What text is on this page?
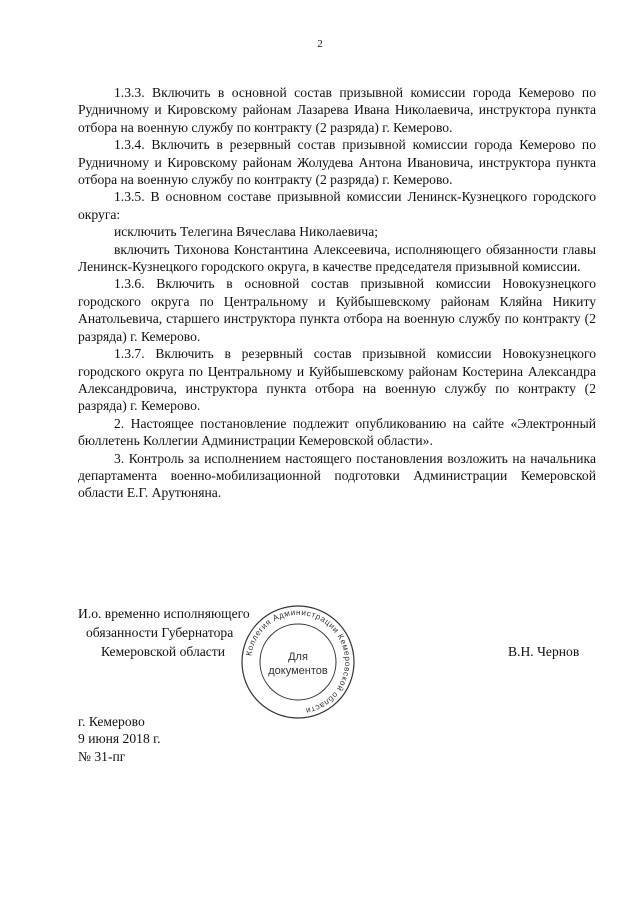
2

1.3.3. Включить в основной состав призывной комиссии города Кемерово по Рудничному и Кировскому районам Лазарева Ивана Николаевича, инструктора пункта отбора на военную службу по контракту (2 разряда) г. Кемерово.

1.3.4. Включить в резервный состав призывной комиссии города Кемерово по Рудничному и Кировскому районам Жолудева Антона Ивановича, инструктора пункта отбора на военную службу по контракту (2 разряда) г. Кемерово.

1.3.5. В основном составе призывной комиссии Ленинск-Кузнецкого городского округа:

исключить Телегина Вячеслава Николаевича;

включить Тихонова Константина Алексеевича, исполняющего обязанности главы Ленинск-Кузнецкого городского округа, в качестве председателя призывной комиссии.

1.3.6. Включить в основной состав призывной комиссии Новокузнецкого городского округа по Центральному и Куйбышевскому районам Кляйна Никиту Анатольевича, старшего инструктора пункта отбора на военную службу по контракту (2 разряда) г. Кемерово.

1.3.7. Включить в резервный состав призывной комиссии Новокузнецкого городского округа по Центральному и Куйбышевскому районам Костерина Александра Александровича, инструктора пункта отбора на военную службу по контракту (2 разряда) г. Кемерово.

2. Настоящее постановление подлежит опубликованию на сайте «Электронный бюллетень Коллегии Администрации Кемеровской области».

3. Контроль за исполнением настоящего постановления возложить на начальника департамента военно-мобилизационной подготовки Администрации Кемеровской области Е.Г. Арутюняна.

И.о. временно исполняющего
обязанности Губернатора
Кемеровской области	В.Н. Чернов
Коллегия Администрации Кемеровской области
Для
документов
г. Кемерово
9 июня 2018 г.
№ 31-пг
